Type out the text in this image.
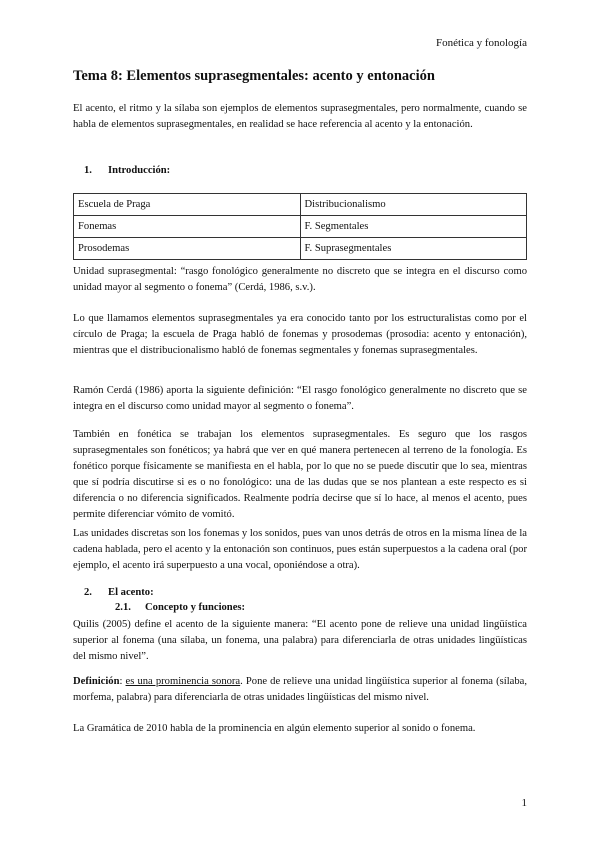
Fonética y fonología
Tema 8: Elementos suprasegmentales: acento y entonación

El acento, el ritmo y la sílaba son ejemplos de elementos suprasegmentales, pero normalmente, cuando se habla de elementos suprasegmentales, en realidad se hace referencia al acento y la entonación.

1. Introducción:
Escuela de Praga	Distribucionalismo
Fonemas	F. Segmentales
Prosodemas	F. Suprasegmentales

Unidad suprasegmental: “rasgo fonológico generalmente no discreto que se integra en el discurso como unidad mayor al segmento o fonema” (Cerdá, 1986, s.v.).

Lo que llamamos elementos suprasegmentales ya era conocido tanto por los estructuralistas como por el círculo de Praga; la escuela de Praga habló de fonemas y prosodemas (prosodia: acento y entonación), mientras que el distribucionalismo habló de fonemas segmentales y fonemas suprasegmentales.

Ramón Cerdá (1986) aporta la siguiente definición: “El rasgo fonológico generalmente no discreto que se integra en el discurso como unidad mayor al segmento o fonema”.

También en fonética se trabajan los elementos suprasegmentales. Es seguro que los rasgos suprasegmentales son fonéticos; ya habrá que ver en qué manera pertenecen al terreno de la fonología. Es fonético porque físicamente se manifiesta en el habla, por lo que no se puede discutir que lo sea, mientras que sí podría discutirse si es o no fonológico: una de las dudas que se nos plantean a este respecto es si diferencia o no diferencia significados. Realmente podría decirse que sí lo hace, al menos el acento, pues permite diferenciar vómito de vomitó.

Las unidades discretas son los fonemas y los sonidos, pues van unos detrás de otros en la misma línea de la cadena hablada, pero el acento y la entonación son continuos, pues están superpuestos a la cadena oral (por ejemplo, el acento irá superpuesto a una vocal, oponiéndose a otra).

2. El acento:
2.1. Concepto y funciones:

Quilis (2005) define el acento de la siguiente manera: “El acento pone de relieve una unidad lingüística superior al fonema (una sílaba, un fonema, una palabra) para diferenciarla de otras unidades lingüísticas del mismo nivel”.

Definición: es una prominencia sonora. Pone de relieve una unidad lingüística superior al fonema (sílaba, morfema, palabra) para diferenciarla de otras unidades lingüísticas del mismo nivel.

La Gramática de 2010 habla de la prominencia en algún elemento superior al sonido o fonema.

1
